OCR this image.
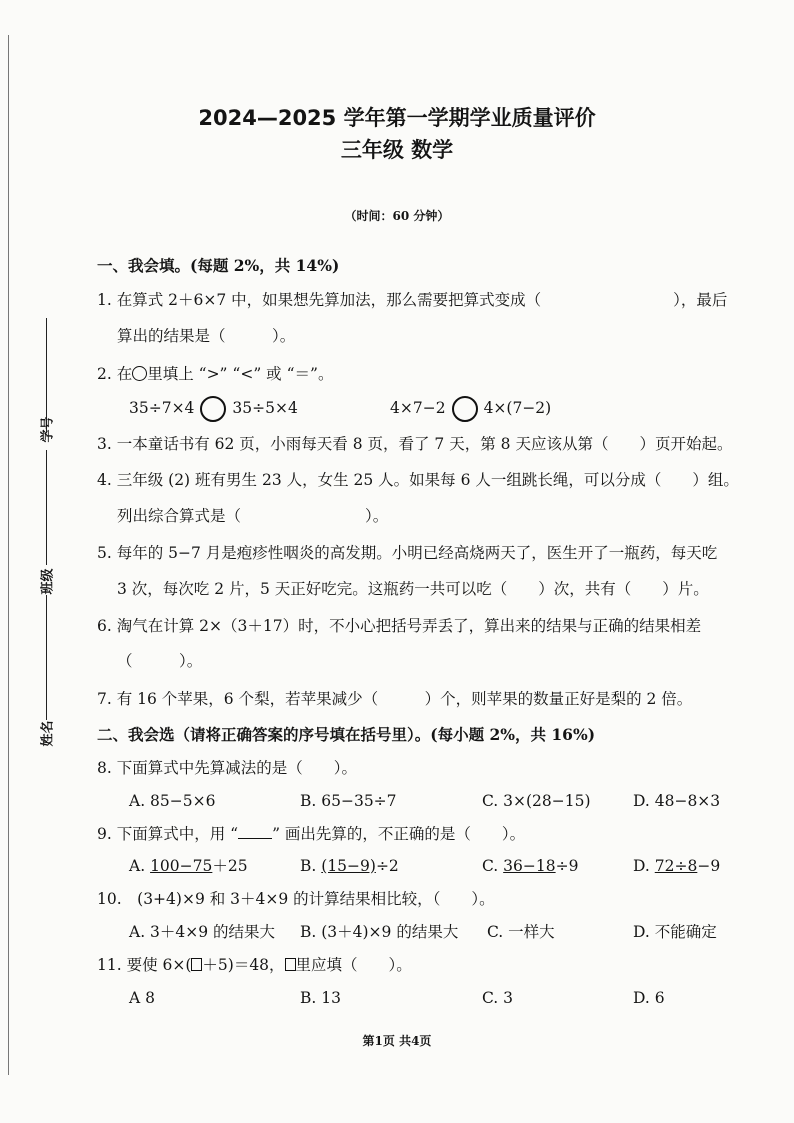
学号
班级
姓名
2024—2025 学年第一学期学业质量评价
三年级 数学
（时间：60 分钟）
一、我会填。(每题 2%，共 14%)
1. 在算式 2＋6×7 中，如果想先算加法，那么需要把算式变成（	），最后
算出的结果是（　　　）。
2. 在 里填上 “>” “<” 或 “＝”。
35÷7×4 35÷5×4	4×7−2 4×(7−2)
3. 一本童话书有 62 页，小雨每天看 8 页，看了 7 天，第 8 天应该从第（　　）页开始起。
4. 三年级 (2) 班有男生 23 人，女生 25 人。如果每 6 人一组跳长绳，可以分成（　　）组。
列出综合算式是（　　　　　　　　）。
5. 每年的 5−7 月是疱疹性咽炎的高发期。小明已经高烧两天了，医生开了一瓶药，每天吃
3 次，每次吃 2 片，5 天正好吃完。这瓶药一共可以吃（　　）次，共有（　　）片。
6. 淘气在计算 2×（3＋17）时，不小心把括号弄丢了，算出来的结果与正确的结果相差
（　　　）。
7. 有 16 个苹果，6 个梨，若苹果减少（　　　）个，则苹果的数量正好是梨的 2 倍。
二、我会选（请将正确答案的序号填在括号里）。(每小题 2%，共 16%)
8. 下面算式中先算减法的是（　　）。
A. 85−5×6	B. 65−35÷7	C. 3×(28−15)	D. 48−8×3
9. 下面算式中，用 “ ” 画出先算的，不正确的是（　　）。
A. 100−75＋25	B. (15−9)÷2	C. 36−18÷9	D. 72÷8−9
10.　(3+4)×9 和 3＋4×9 的计算结果相比较，（　　）。
A. 3＋4×9 的结果大 B. (3＋4)×9 的结果大 C. 一样大	D. 不能确定
11. 要使 6×( ＋5)＝48， 里应填（　　）。
A 8	B. 13	C. 3	D. 6
第1页 共4页
